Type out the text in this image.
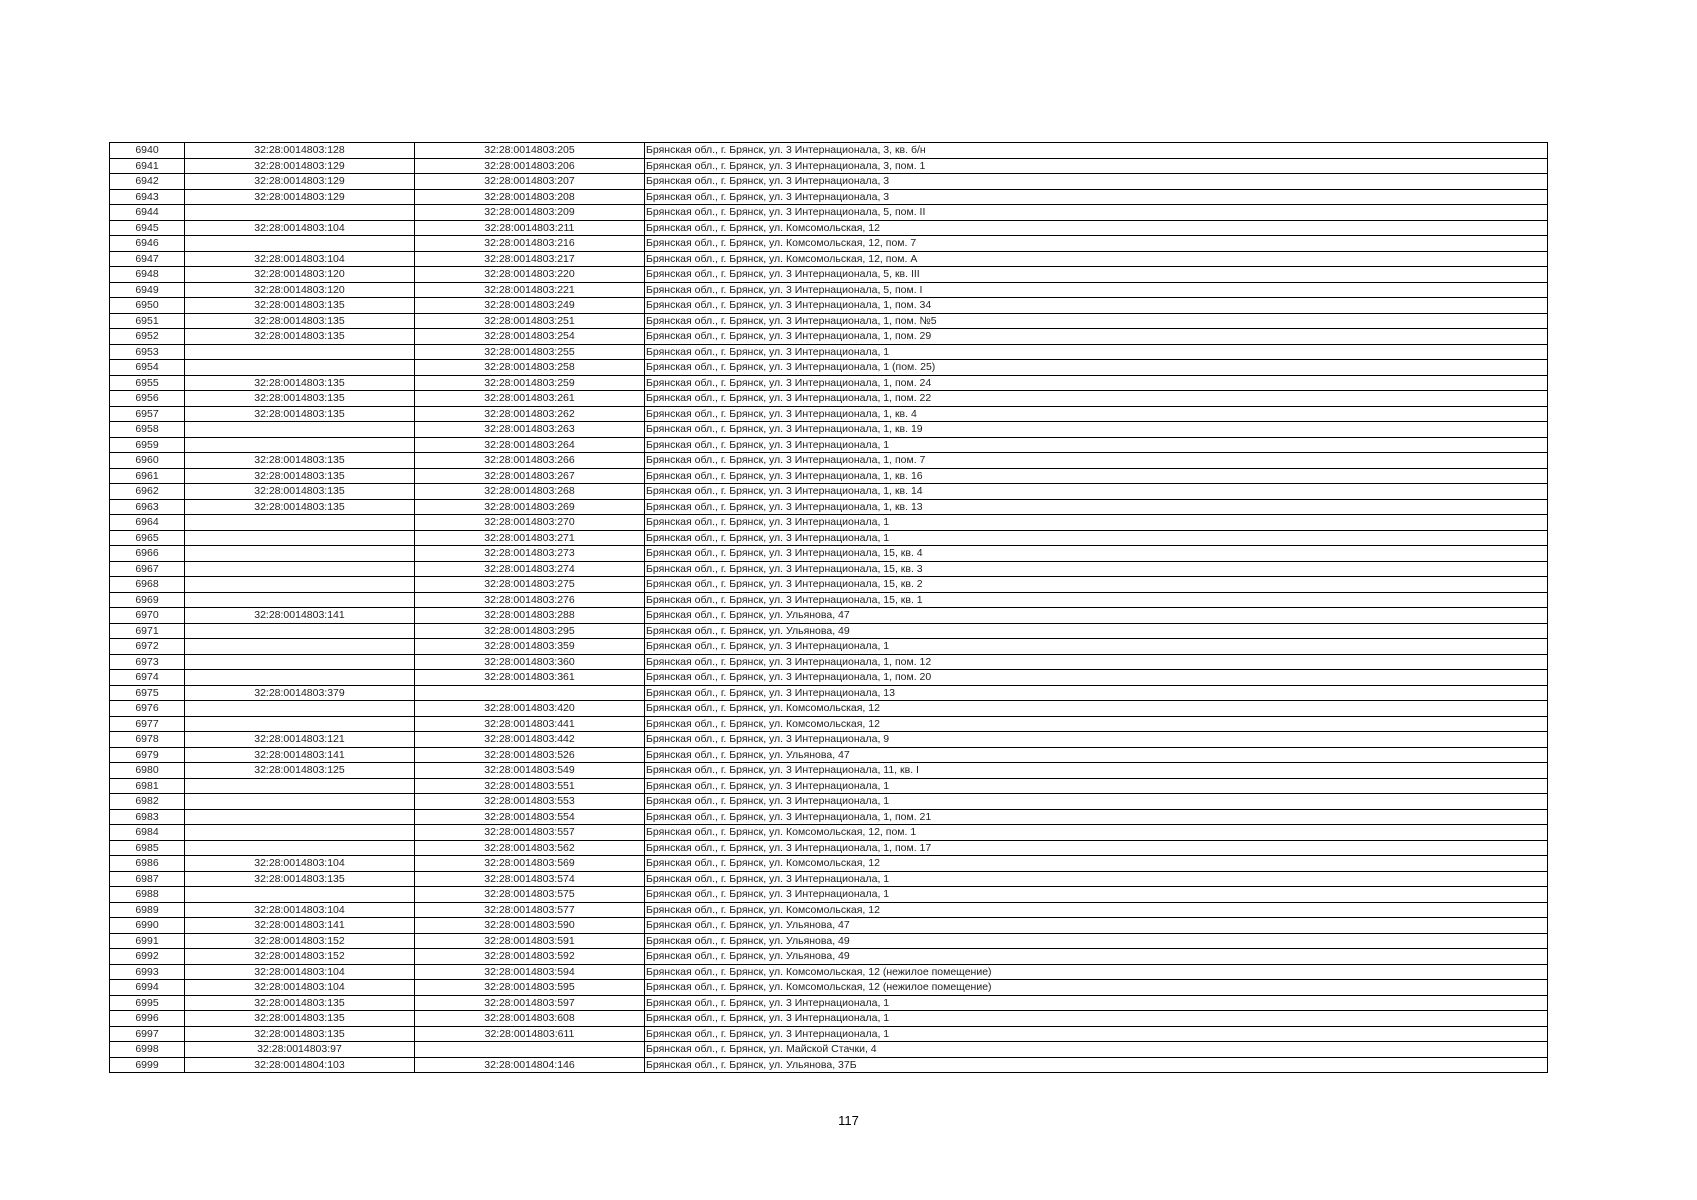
6940	32:28:0014803:128	32:28:0014803:205	Брянская обл., г. Брянск, ул. 3 Интернационала, 3, кв. б/н
6941	32:28:0014803:129	32:28:0014803:206	Брянская обл., г. Брянск, ул. 3 Интернационала, 3, пом. 1
6942	32:28:0014803:129	32:28:0014803:207	Брянская обл., г. Брянск, ул. 3 Интернационала, 3
6943	32:28:0014803:129	32:28:0014803:208	Брянская обл., г. Брянск, ул. 3 Интернационала, 3
6944		32:28:0014803:209	Брянская обл., г. Брянск, ул. 3 Интернационала, 5, пом. II
6945	32:28:0014803:104	32:28:0014803:211	Брянская обл., г. Брянск, ул. Комсомольская, 12
6946		32:28:0014803:216	Брянская обл., г. Брянск, ул. Комсомольская, 12, пом. 7
6947	32:28:0014803:104	32:28:0014803:217	Брянская обл., г. Брянск, ул. Комсомольская, 12, пом. А
6948	32:28:0014803:120	32:28:0014803:220	Брянская обл., г. Брянск, ул. 3 Интернационала, 5, кв. III
6949	32:28:0014803:120	32:28:0014803:221	Брянская обл., г. Брянск, ул. 3 Интернационала, 5, пом. I
6950	32:28:0014803:135	32:28:0014803:249	Брянская обл., г. Брянск, ул. 3 Интернационала, 1, пом. 34
6951	32:28:0014803:135	32:28:0014803:251	Брянская обл., г. Брянск, ул. 3 Интернационала, 1, пом. №5
6952	32:28:0014803:135	32:28:0014803:254	Брянская обл., г. Брянск, ул. 3 Интернационала, 1, пом. 29
6953		32:28:0014803:255	Брянская обл., г. Брянск, ул. 3 Интернационала, 1
6954		32:28:0014803:258	Брянская обл., г. Брянск, ул. 3 Интернационала, 1 (пом. 25)
6955	32:28:0014803:135	32:28:0014803:259	Брянская обл., г. Брянск, ул. 3 Интернационала, 1, пом. 24
6956	32:28:0014803:135	32:28:0014803:261	Брянская обл., г. Брянск, ул. 3 Интернационала, 1, пом. 22
6957	32:28:0014803:135	32:28:0014803:262	Брянская обл., г. Брянск, ул. 3 Интернационала, 1, кв. 4
6958		32:28:0014803:263	Брянская обл., г. Брянск, ул. 3 Интернационала, 1, кв. 19
6959		32:28:0014803:264	Брянская обл., г. Брянск, ул. 3 Интернационала, 1
6960	32:28:0014803:135	32:28:0014803:266	Брянская обл., г. Брянск, ул. 3 Интернационала, 1, пом. 7
6961	32:28:0014803:135	32:28:0014803:267	Брянская обл., г. Брянск, ул. 3 Интернационала, 1, кв. 16
6962	32:28:0014803:135	32:28:0014803:268	Брянская обл., г. Брянск, ул. 3 Интернационала, 1, кв. 14
6963	32:28:0014803:135	32:28:0014803:269	Брянская обл., г. Брянск, ул. 3 Интернационала, 1, кв. 13
6964		32:28:0014803:270	Брянская обл., г. Брянск, ул. 3 Интернационала, 1
6965		32:28:0014803:271	Брянская обл., г. Брянск, ул. 3 Интернационала, 1
6966		32:28:0014803:273	Брянская обл., г. Брянск, ул. 3 Интернационала, 15, кв. 4
6967		32:28:0014803:274	Брянская обл., г. Брянск, ул. 3 Интернационала, 15, кв. 3
6968		32:28:0014803:275	Брянская обл., г. Брянск, ул. 3 Интернационала, 15, кв. 2
6969		32:28:0014803:276	Брянская обл., г. Брянск, ул. 3 Интернационала, 15, кв. 1
6970	32:28:0014803:141	32:28:0014803:288	Брянская обл., г. Брянск, ул. Ульянова, 47
6971		32:28:0014803:295	Брянская обл., г. Брянск, ул. Ульянова, 49
6972		32:28:0014803:359	Брянская обл., г. Брянск, ул. 3 Интернационала, 1
6973		32:28:0014803:360	Брянская обл., г. Брянск, ул. 3 Интернационала, 1, пом. 12
6974		32:28:0014803:361	Брянская обл., г. Брянск, ул. 3 Интернационала, 1, пом. 20
6975	32:28:0014803:379		Брянская обл., г. Брянск, ул. 3 Интернационала, 13
6976		32:28:0014803:420	Брянская обл., г. Брянск, ул. Комсомольская, 12
6977		32:28:0014803:441	Брянская обл., г. Брянск, ул. Комсомольская, 12
6978	32:28:0014803:121	32:28:0014803:442	Брянская обл., г. Брянск, ул. 3 Интернационала, 9
6979	32:28:0014803:141	32:28:0014803:526	Брянская обл., г. Брянск, ул. Ульянова, 47
6980	32:28:0014803:125	32:28:0014803:549	Брянская обл., г. Брянск, ул. 3 Интернационала, 11, кв. I
6981		32:28:0014803:551	Брянская обл., г. Брянск, ул. 3 Интернационала, 1
6982		32:28:0014803:553	Брянская обл., г. Брянск, ул. 3 Интернационала, 1
6983		32:28:0014803:554	Брянская обл., г. Брянск, ул. 3 Интернационала, 1, пом. 21
6984		32:28:0014803:557	Брянская обл., г. Брянск, ул. Комсомольская, 12, пом. 1
6985		32:28:0014803:562	Брянская обл., г. Брянск, ул. 3 Интернационала, 1, пом. 17
6986	32:28:0014803:104	32:28:0014803:569	Брянская обл., г. Брянск, ул. Комсомольская, 12
6987	32:28:0014803:135	32:28:0014803:574	Брянская обл., г. Брянск, ул. 3 Интернационала, 1
6988		32:28:0014803:575	Брянская обл., г. Брянск, ул. 3 Интернационала, 1
6989	32:28:0014803:104	32:28:0014803:577	Брянская обл., г. Брянск, ул. Комсомольская, 12
6990	32:28:0014803:141	32:28:0014803:590	Брянская обл., г. Брянск, ул. Ульянова, 47
6991	32:28:0014803:152	32:28:0014803:591	Брянская обл., г. Брянск, ул. Ульянова, 49
6992	32:28:0014803:152	32:28:0014803:592	Брянская обл., г. Брянск, ул. Ульянова, 49
6993	32:28:0014803:104	32:28:0014803:594	Брянская обл., г. Брянск, ул. Комсомольская, 12 (нежилое помещение)
6994	32:28:0014803:104	32:28:0014803:595	Брянская обл., г. Брянск, ул. Комсомольская, 12 (нежилое помещение)
6995	32:28:0014803:135	32:28:0014803:597	Брянская обл., г. Брянск, ул. 3 Интернационала, 1
6996	32:28:0014803:135	32:28:0014803:608	Брянская обл., г. Брянск, ул. 3 Интернационала, 1
6997	32:28:0014803:135	32:28:0014803:611	Брянская обл., г. Брянск, ул. 3 Интернационала, 1
6998	32:28:0014803:97		Брянская обл., г. Брянск, ул. Майской Стачки, 4
6999	32:28:0014804:103	32:28:0014804:146	Брянская обл., г. Брянск, ул. Ульянова, 37Б
117
